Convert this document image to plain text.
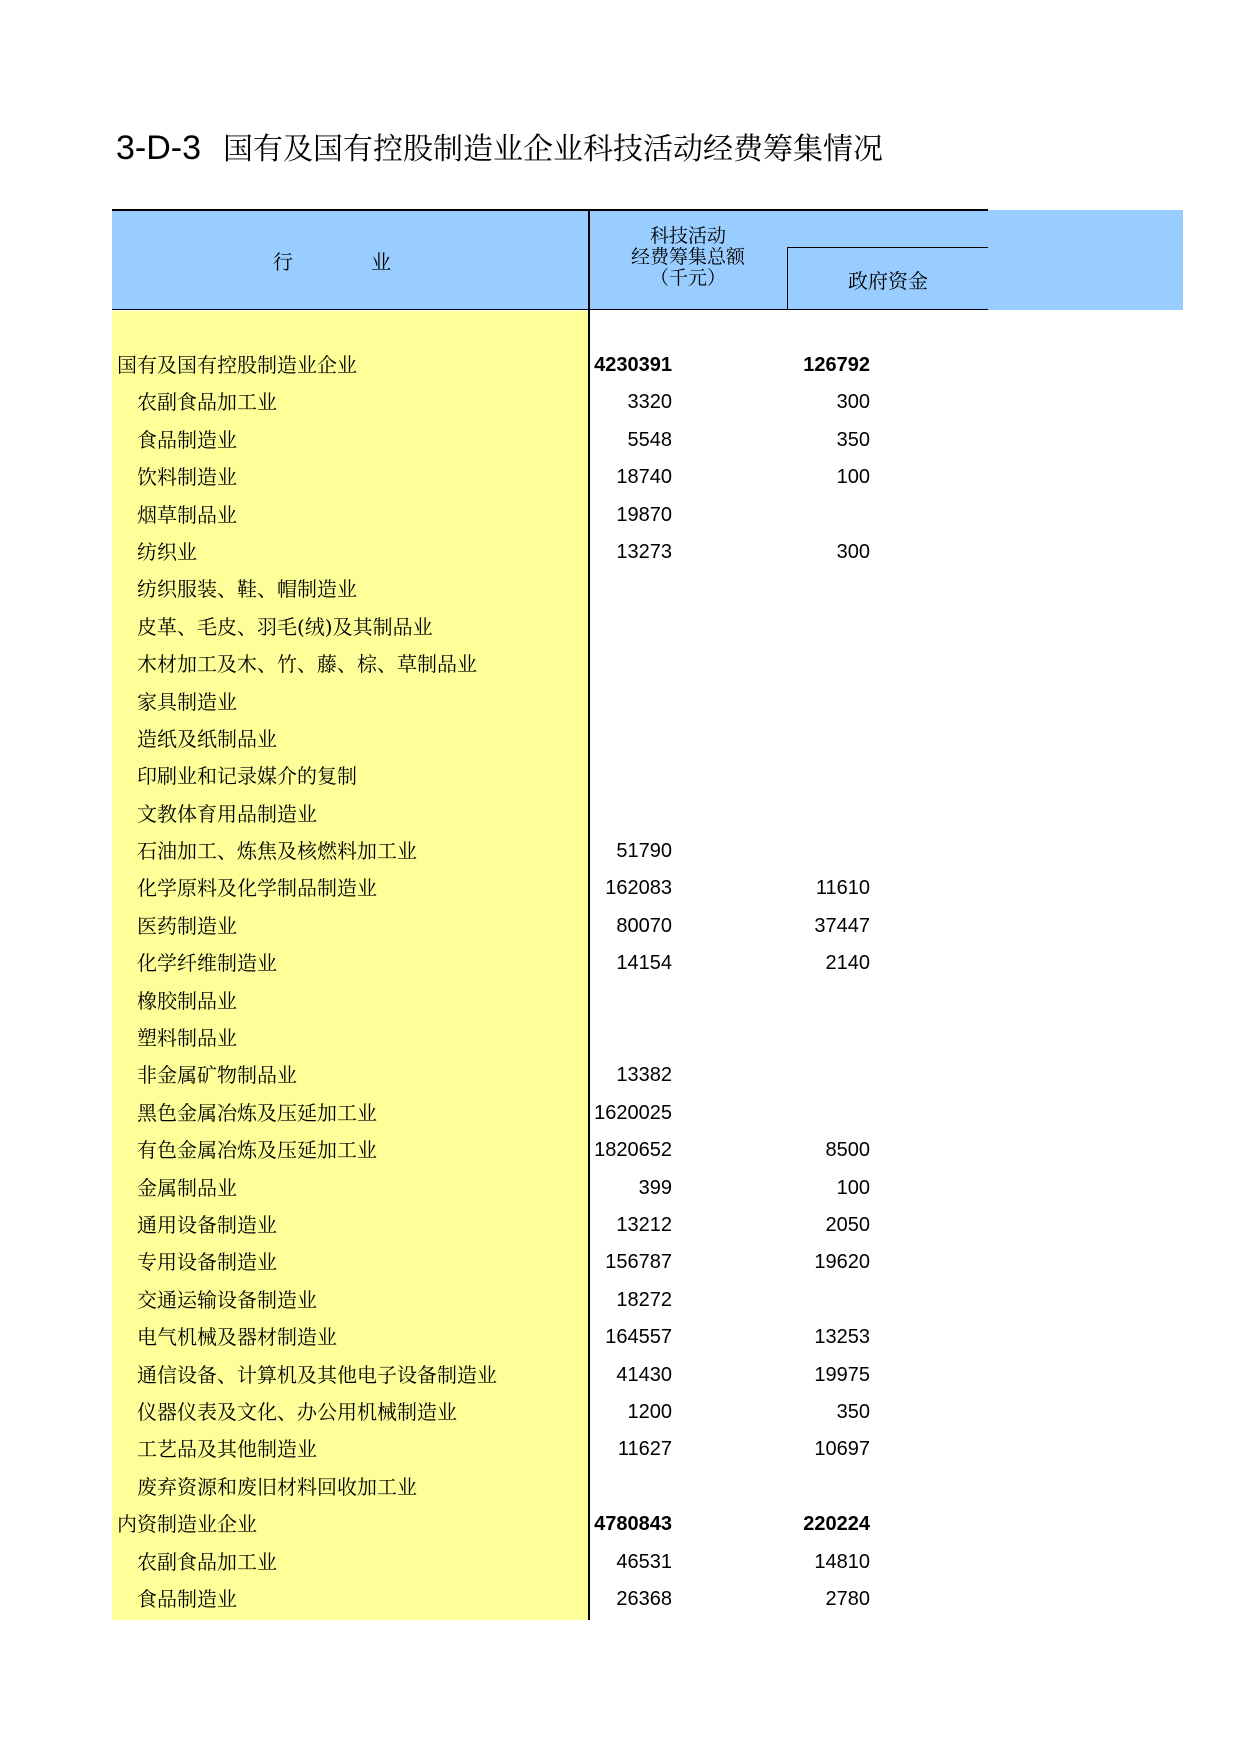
3-D-3 国有及国有控股制造业企业科技活动经费筹集情况
行 业
科技活动
经费筹集总额
（千元）	政府资金
国有及国有控股制造业企业	4230391	126792
农副食品加工业	3320	300
食品制造业	5548	350
饮料制造业	18740	100
烟草制品业	19870
纺织业	13273	300
纺织服装、鞋、帽制造业
皮革、毛皮、羽毛(绒)及其制品业
木材加工及木、竹、藤、棕、草制品业
家具制造业
造纸及纸制品业
印刷业和记录媒介的复制
文教体育用品制造业
石油加工、炼焦及核燃料加工业	51790
化学原料及化学制品制造业	162083	11610
医药制造业	80070	37447
化学纤维制造业	14154	2140
橡胶制品业
塑料制品业
非金属矿物制品业	13382
黑色金属冶炼及压延加工业	1620025
有色金属冶炼及压延加工业	1820652	8500
金属制品业	399	100
通用设备制造业	13212	2050
专用设备制造业	156787	19620
交通运输设备制造业	18272
电气机械及器材制造业	164557	13253
通信设备、计算机及其他电子设备制造业	41430	19975
仪器仪表及文化、办公用机械制造业	1200	350
工艺品及其他制造业	11627	10697
废弃资源和废旧材料回收加工业
内资制造业企业	4780843	220224
农副食品加工业	46531	14810
食品制造业	26368	2780
